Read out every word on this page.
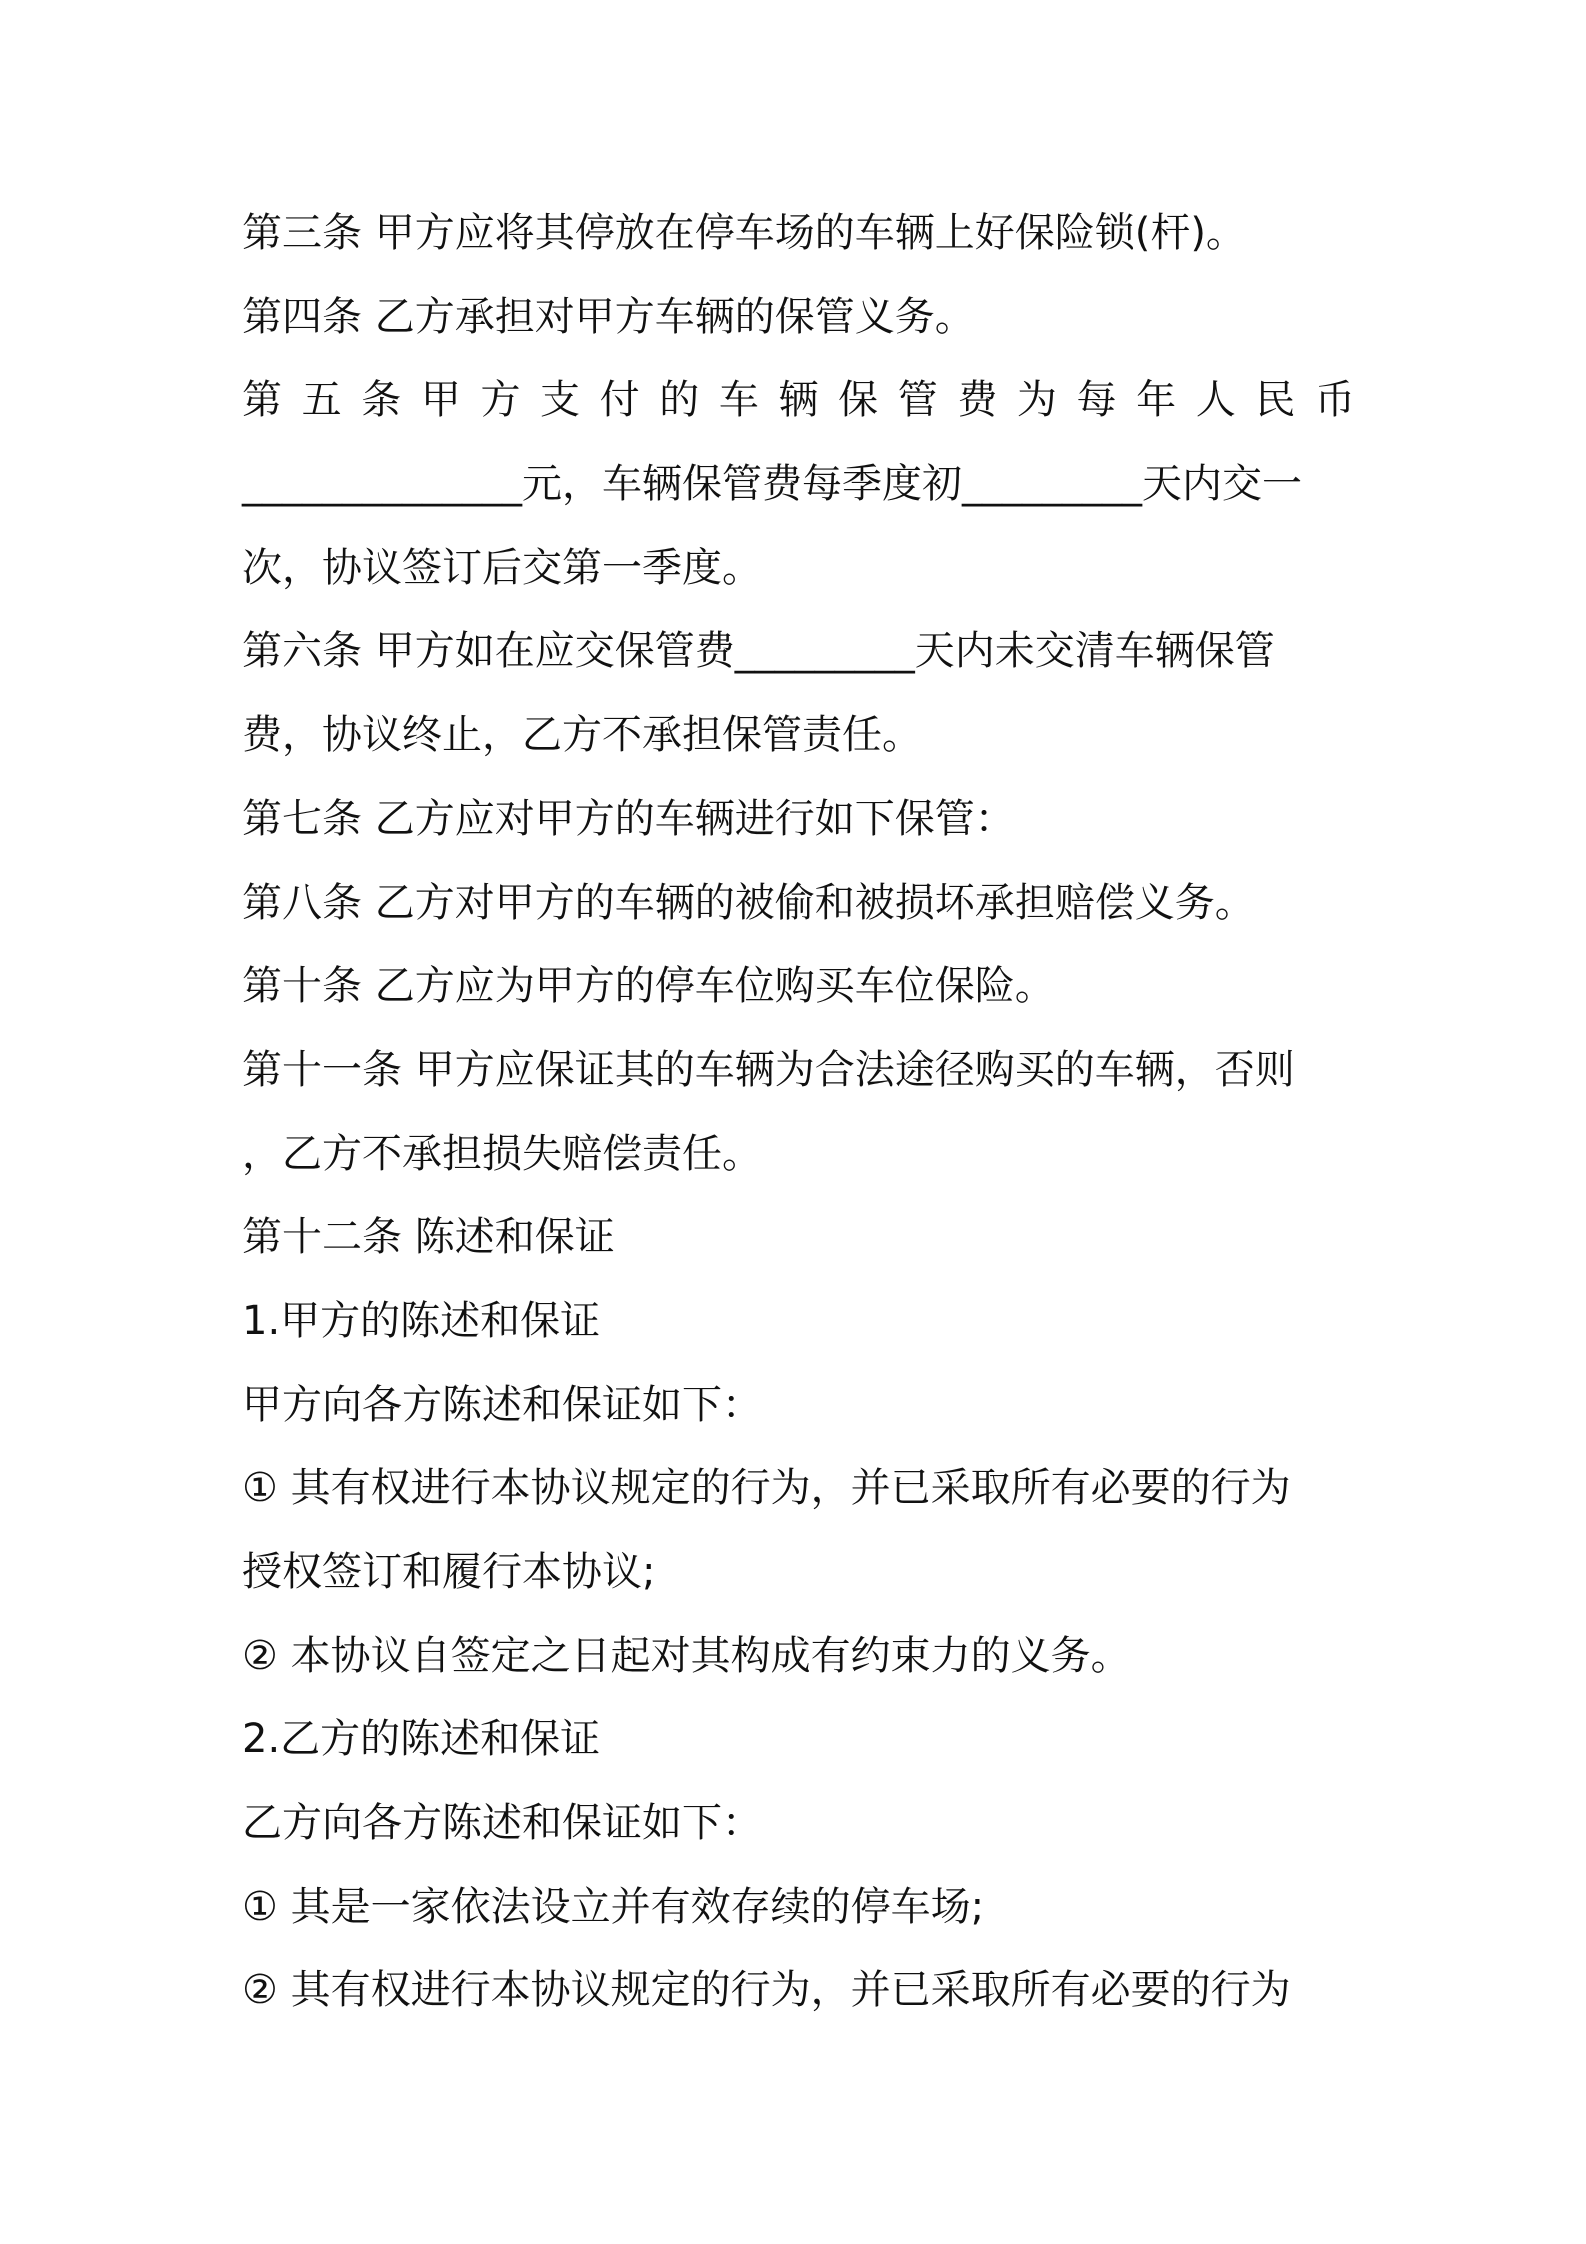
第三条 甲方应将其停放在停车场的车辆上好保险锁(杆)。
第四条 乙方承担对甲方车辆的保管义务。
第 五 条 甲 方 支 付 的 车 辆 保 管 费 为 每 年 人 民 币
______________元，车辆保管费每季度初_________天内交一
次，协议签订后交第一季度。
第六条 甲方如在应交保管费_________天内未交清车辆保管
费，协议终止，乙方不承担保管责任。
第七条 乙方应对甲方的车辆进行如下保管：
第八条 乙方对甲方的车辆的被偷和被损坏承担赔偿义务。
第十条 乙方应为甲方的停车位购买车位保险。
第十一条 甲方应保证其的车辆为合法途径购买的车辆，否则
，乙方不承担损失赔偿责任。
第十二条 陈述和保证
1.甲方的陈述和保证
甲方向各方陈述和保证如下：
① 其有权进行本协议规定的行为，并已采取所有必要的行为
授权签订和履行本协议;
② 本协议自签定之日起对其构成有约束力的义务。
2.乙方的陈述和保证
乙方向各方陈述和保证如下：
① 其是一家依法设立并有效存续的停车场;
② 其有权进行本协议规定的行为，并已采取所有必要的行为
